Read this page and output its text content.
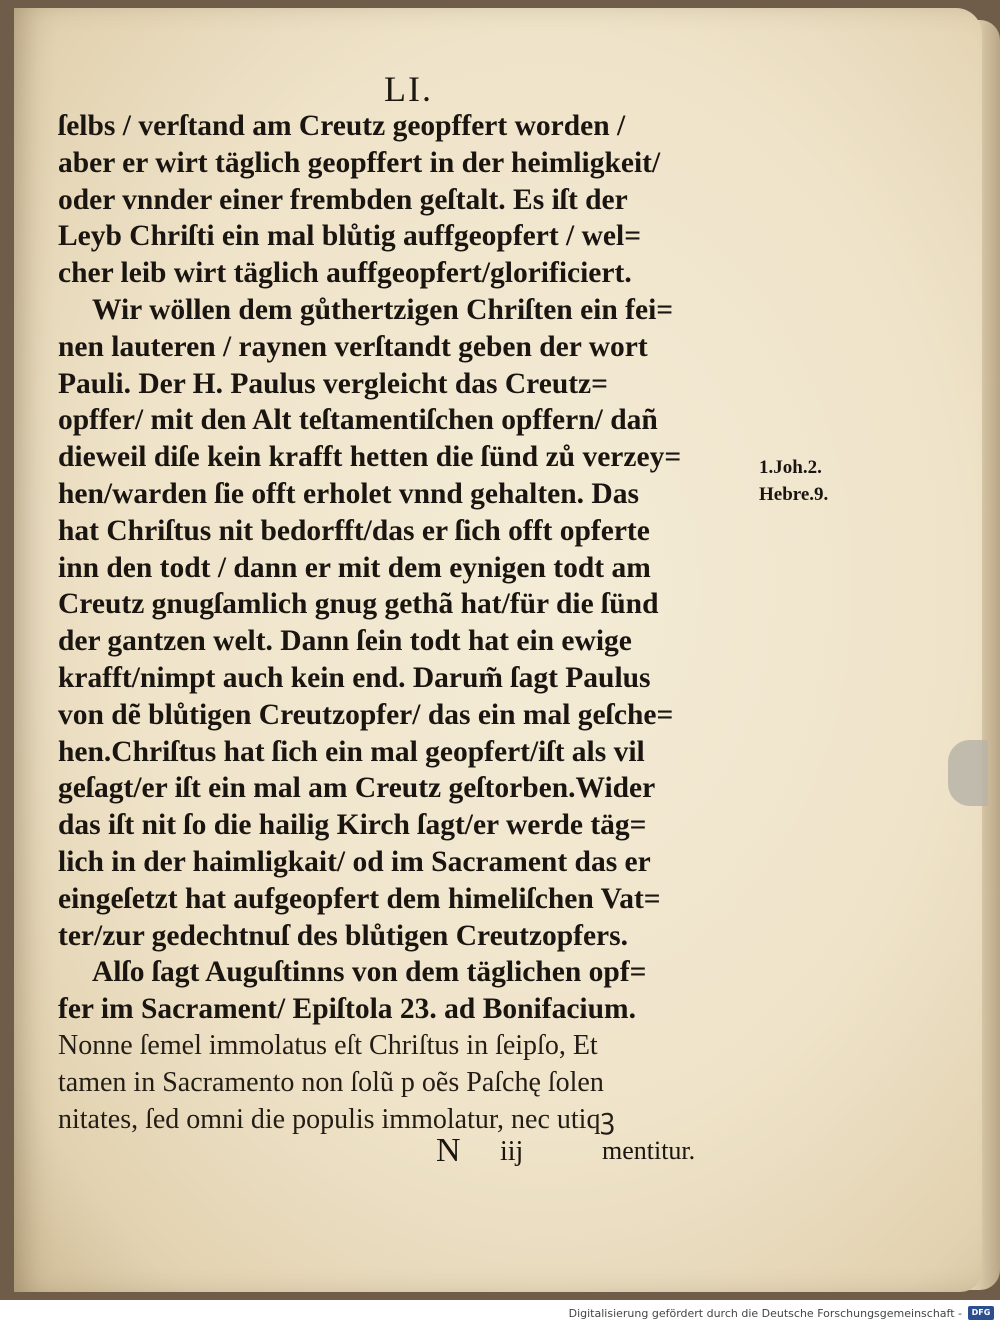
LI.
ſelbs / verſtand am Creutz geopffert worden /
aber er wirt täglich geopffert in der heimligkeit/
oder vnnder einer frembden geſtalt. Es iſt der
Leyb Chriſti ein mal blůtig auffgeopfert / wel=
cher leib wirt täglich auffgeopfert/glorificiert.
Wir wöllen dem gůthertzigen Chriſten ein fei=
nen lauteren / raynen verſtandt geben der wort
Pauli. Der H. Paulus vergleicht das Creutz=
opffer/ mit den Alt teſtamentiſchen opffern/ dañ
dieweil diſe kein krafft hetten die ſünd zů verzey=
hen/warden ſie offt erholet vnnd gehalten. Das
hat Chriſtus nit bedorfft/das er ſich offt opferte
inn den todt / dann er mit dem eynigen todt am
Creutz gnugſamlich gnug gethã hat/für die ſünd
der gantzen welt. Dann ſein todt hat ein ewige
krafft/nimpt auch kein end. Darum̃ ſagt Paulus
von dẽ blůtigen Creutzopfer/ das ein mal geſche=
hen.Chriſtus hat ſich ein mal geopfert/iſt als vil
geſagt/er iſt ein mal am Creutz geſtorben.Wider
das iſt nit ſo die hailig Kirch ſagt/er werde täg=
lich in der haimligkait/ od im Sacrament das er
eingeſetzt hat aufgeopfert dem himeliſchen Vat=
ter/zur gedechtnuſ des blůtigen Creutzopfers.
Alſo ſagt Auguſtinns von dem täglichen opf=
fer im Sacrament/ Epiſtola 23. ad Bonifacium.
Nonne ſemel immolatus eſt Chriſtus in ſeipſo, Et
tamen in Sacramento non ſolũ p oẽs Paſchę ſolen
nitates, ſed omni die populis immolatur, nec utiqꝫ
1.Joh.2.
Hebre.9.
N iij	mentitur.
Digitalisierung gefördert durch die Deutsche Forschungsgemeinschaft -	DFG
